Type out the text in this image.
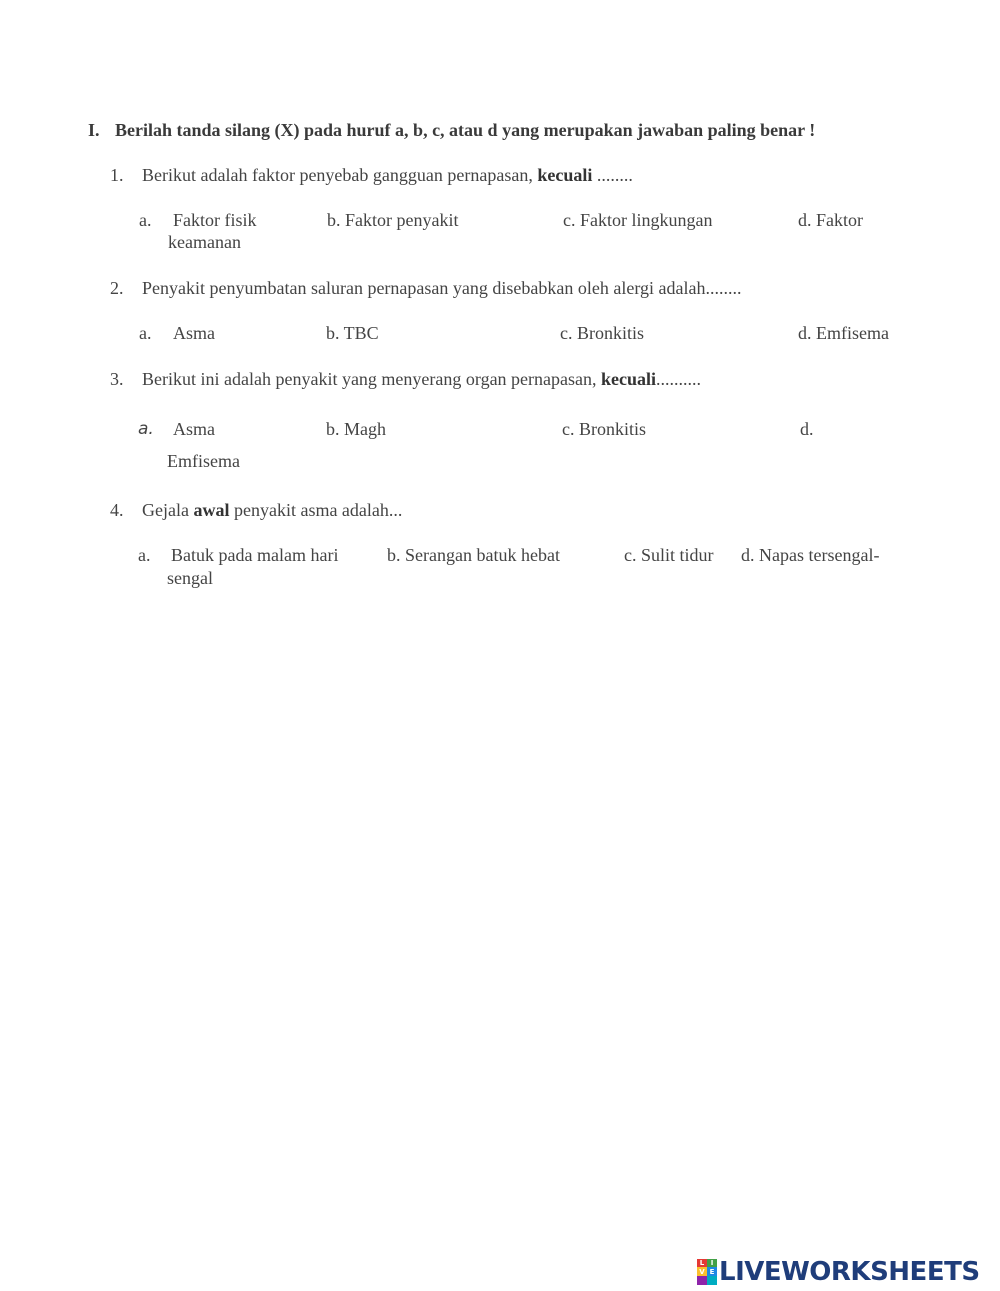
I. Berilah tanda silang (X) pada huruf a, b, c, atau d yang merupakan jawaban paling benar !
1. Berikut adalah faktor penyebab gangguan pernapasan, kecuali ........
a. Faktor fisik	b. Faktor penyakit	c. Faktor lingkungan	d. Faktor
keamanan
2. Penyakit penyumbatan saluran pernapasan yang disebabkan oleh alergi adalah........
a. Asma	b. TBC	c. Bronkitis	d. Emfisema
3. Berikut ini adalah penyakit yang menyerang organ pernapasan, kecuali..........
a. Asma	b. Magh	c. Bronkitis	d.
Emfisema
4. Gejala awal penyakit asma adalah...
a. Batuk pada malam hari	b. Serangan batuk hebat	c. Sulit tidur d. Napas tersengal-
sengal
L I
V E LIVEWORKSHEETS
